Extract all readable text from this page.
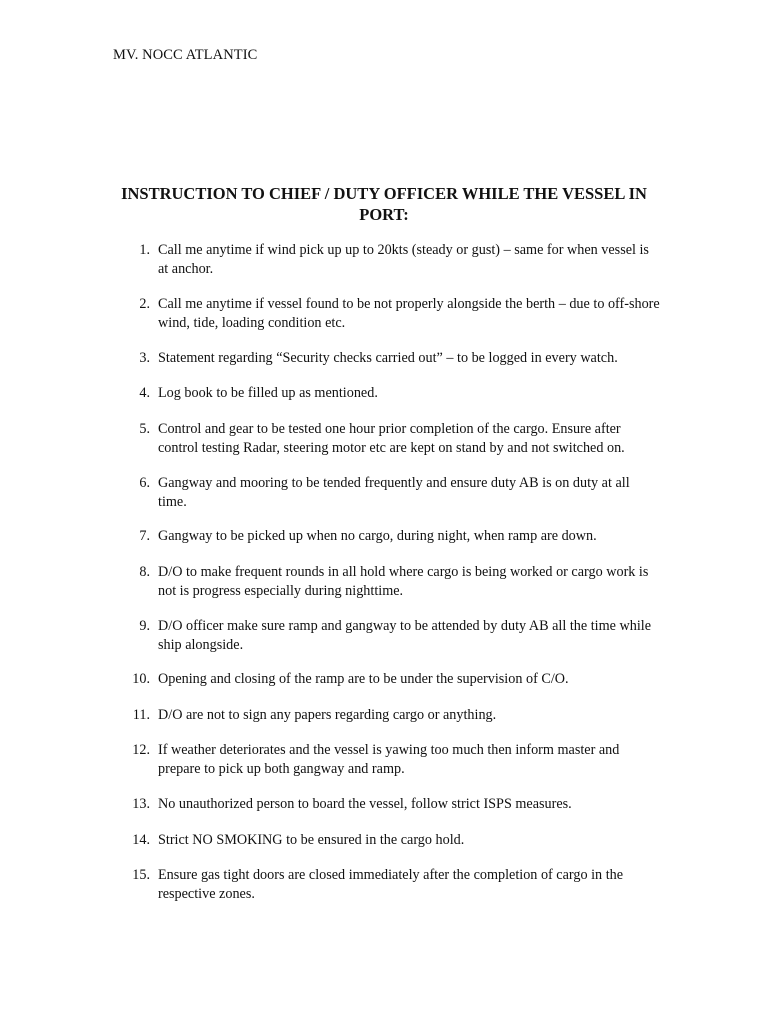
MV. NOCC ATLANTIC
INSTRUCTION TO CHIEF / DUTY OFFICER WHILE THE VESSEL IN PORT:
1. Call me anytime if wind pick up up to 20kts (steady or gust) – same for when vessel is at anchor.
2. Call me anytime if vessel found to be not properly alongside the berth – due to off-shore wind, tide, loading condition etc.
3. Statement regarding “Security checks carried out” – to be logged in every watch.
4. Log book to be filled up as mentioned.
5. Control and gear to be tested one hour prior completion of the cargo. Ensure after control testing Radar, steering motor etc are kept on stand by and not switched on.
6. Gangway and mooring to be tended frequently and ensure duty AB is on duty at all time.
7. Gangway to be picked up when no cargo, during night, when ramp are down.
8. D/O to make frequent rounds in all hold where cargo is being worked or cargo work is not is progress especially during nighttime.
9. D/O officer make sure ramp and gangway to be attended by duty AB all the time while ship alongside.
10. Opening and closing of the ramp are to be under the supervision of C/O.
11. D/O are not to sign any papers regarding cargo or anything.
12. If weather deteriorates and the vessel is yawing too much then inform master and prepare to pick up both gangway and ramp.
13. No unauthorized person to board the vessel, follow strict ISPS measures.
14. Strict NO SMOKING to be ensured in the cargo hold.
15. Ensure gas tight doors are closed immediately after the completion of cargo in the respective zones.
